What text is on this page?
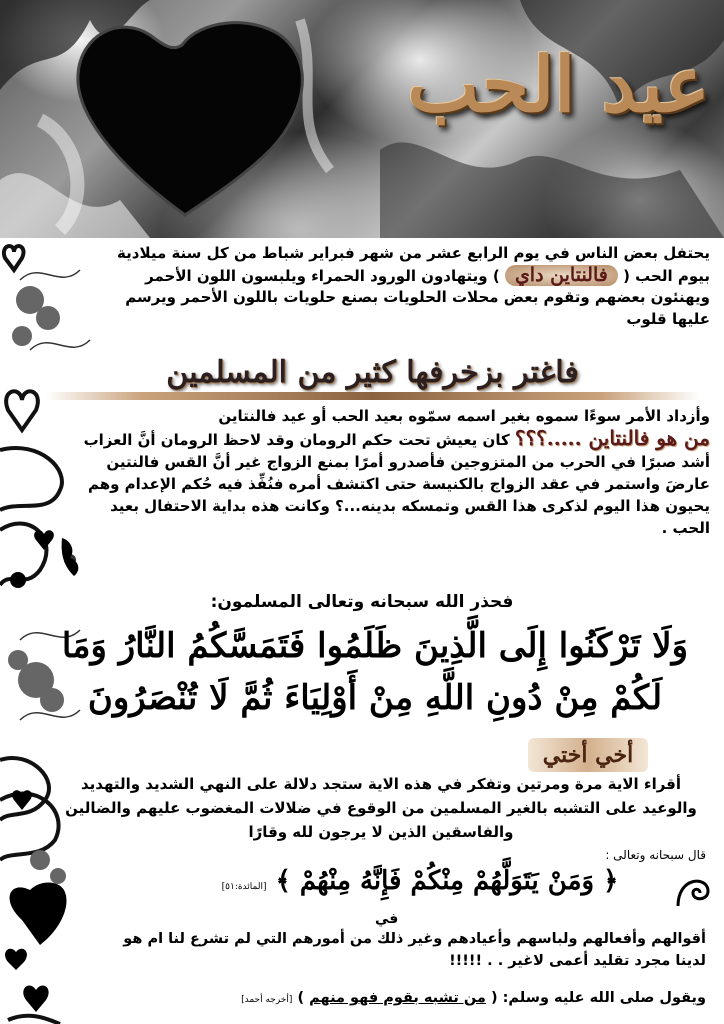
عيد الحب
يحتفل بعض الناس في يوم الرابع عشر من شهر فبراير شباط من كل سنة ميلادية بيوم الحب ( فالنتاين داي ) ويتهادون الورود الحمراء ويلبسون اللون الأحمر ويهنئون بعضهم وتقوم بعض محلات الحلويات بصنع حلويات باللون الأحمر ويرسم عليها قلوب
فاغتر بزخرفها كثير من المسلمين
وأزداد الأمر سوءًا سموه بغير اسمه سمّوه بعيد الحب أو عيد فالنتاين
من هو فالنتاين .....؟؟؟ كان يعيش تحت حكم الرومان وقد لاحظ الرومان أنَّ العزاب أشد صبرًا في الحرب من المتزوجين فأصدرو أمرًا بمنع الزواج غير أنَّ القس فالنتين عارضَ واستمر في عقد الزواج بالكنيسة حتى اكتشف أمره فنُفِّذ فيه حُكم الإعدام وهم يحيون هذا اليوم لذكرى هذا القس وتمسكه بدينه...؟ وكانت هذه بداية الاحتفال بعيد الحب .
فحذر الله سبحانه وتعالى المسلمون:
وَلَا تَرْكَنُوا إِلَى الَّذِينَ ظَلَمُوا فَتَمَسَّكُمُ النَّارُ وَمَا
لَكُمْ مِنْ دُونِ اللَّهِ مِنْ أَوْلِيَاءَ ثُمَّ لَا تُنْصَرُونَ
أخي أختي
أقراء الاية مرة ومرتين وتفكر في هذه الاية ستجد دلالة على النهي الشديد والتهديد والوعيد على التشبه بالغير المسلمين من الوقوع في ضلالات المغضوب عليهم والضالين والفاسقين الذين لا يرجون لله وقارًا
قال سبحانه وتعالى :
﴿ وَمَنْ يَتَوَلَّهُمْ مِنْكُمْ فَإِنَّهُ مِنْهُمْ ﴾ [المائدة:٥١]
في
أقوالهم وأفعالهم ولباسهم وأعيادهم وغير ذلك من أمورهم التي لم تشرع لنا ام هو لدينا مجرد تقليد أعمى لاغير . . !!!!!
ويقول صلى الله عليه وسلم: ( من تشبه بقوم فهو منهم ) [أخرجه أحمد]
